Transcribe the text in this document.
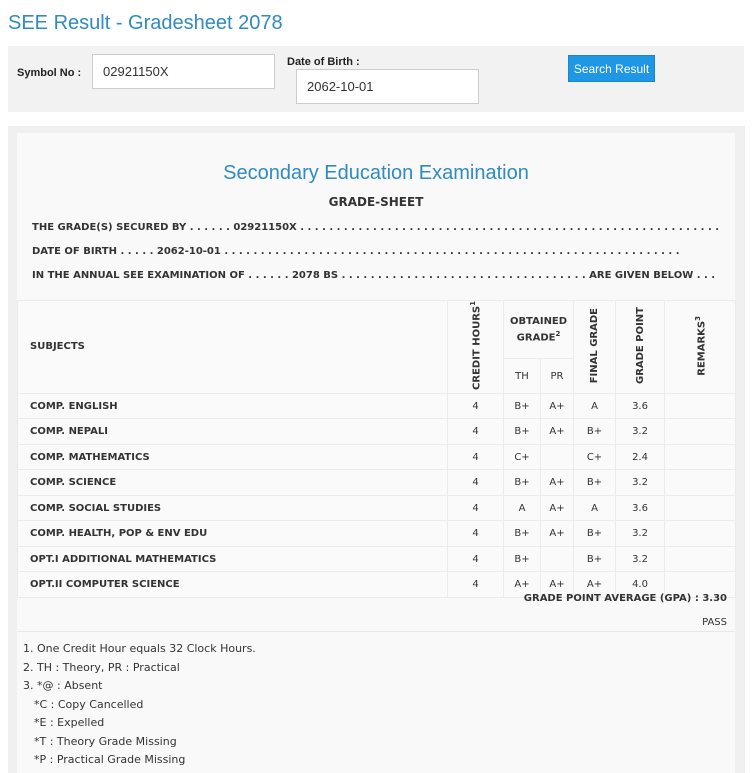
SEE Result - Gradesheet 2078
Symbol No :
02921150X
Date of Birth :
2062-10-01	Search Result
Secondary Education Examination
GRADE-SHEET
THE GRADE(S) SECURED BY . . . . . . 02921150X . . . . . . . . . . . . . . . . . . . . . . . . . . . . . . . . . . . . . . . . . . . . . . . . . . . . . . . . . .
DATE OF BIRTH . . . . . 2062-10-01 . . . . . . . . . . . . . . . . . . . . . . . . . . . . . . . . . . . . . . . . . . . . . . . . . . . . . . . . . . . . . . .
IN THE ANNUAL SEE EXAMINATION OF . . . . . . 2078 BS . . . . . . . . . . . . . . . . . . . . . . . . . . . . . . . . . . ARE GIVEN BELOW . . .
SUBJECTS	CREDIT HOURS$^1$	OBTAINED
GRADE$^2$		FINAL GRADE	GRADE POINT	REMARKS$^3$
		TH	PR			
COMP. ENGLISH	4	B+	A+	A	3.6	
COMP. NEPALI	4	B+	A+	B+	3.2	
COMP. MATHEMATICS	4	C+		C+	2.4	
COMP. SCIENCE	4	B+	A+	B+	3.2	
COMP. SOCIAL STUDIES	4	A	A+	A	3.6	
COMP. HEALTH, POP & ENV EDU	4	B+	A+	B+	3.2	
OPT.I ADDITIONAL MATHEMATICS	4	B+		B+	3.2	
OPT.II COMPUTER SCIENCE	4	A+	A+	A+	4.0	
GRADE POINT AVERAGE (GPA) : 3.30
PASS
1. One Credit Hour equals 32 Clock Hours.
2. TH : Theory, PR : Practical
3. *@ : Absent
*C : Copy Cancelled
*E : Expelled
*T : Theory Grade Missing
*P : Practical Grade Missing
